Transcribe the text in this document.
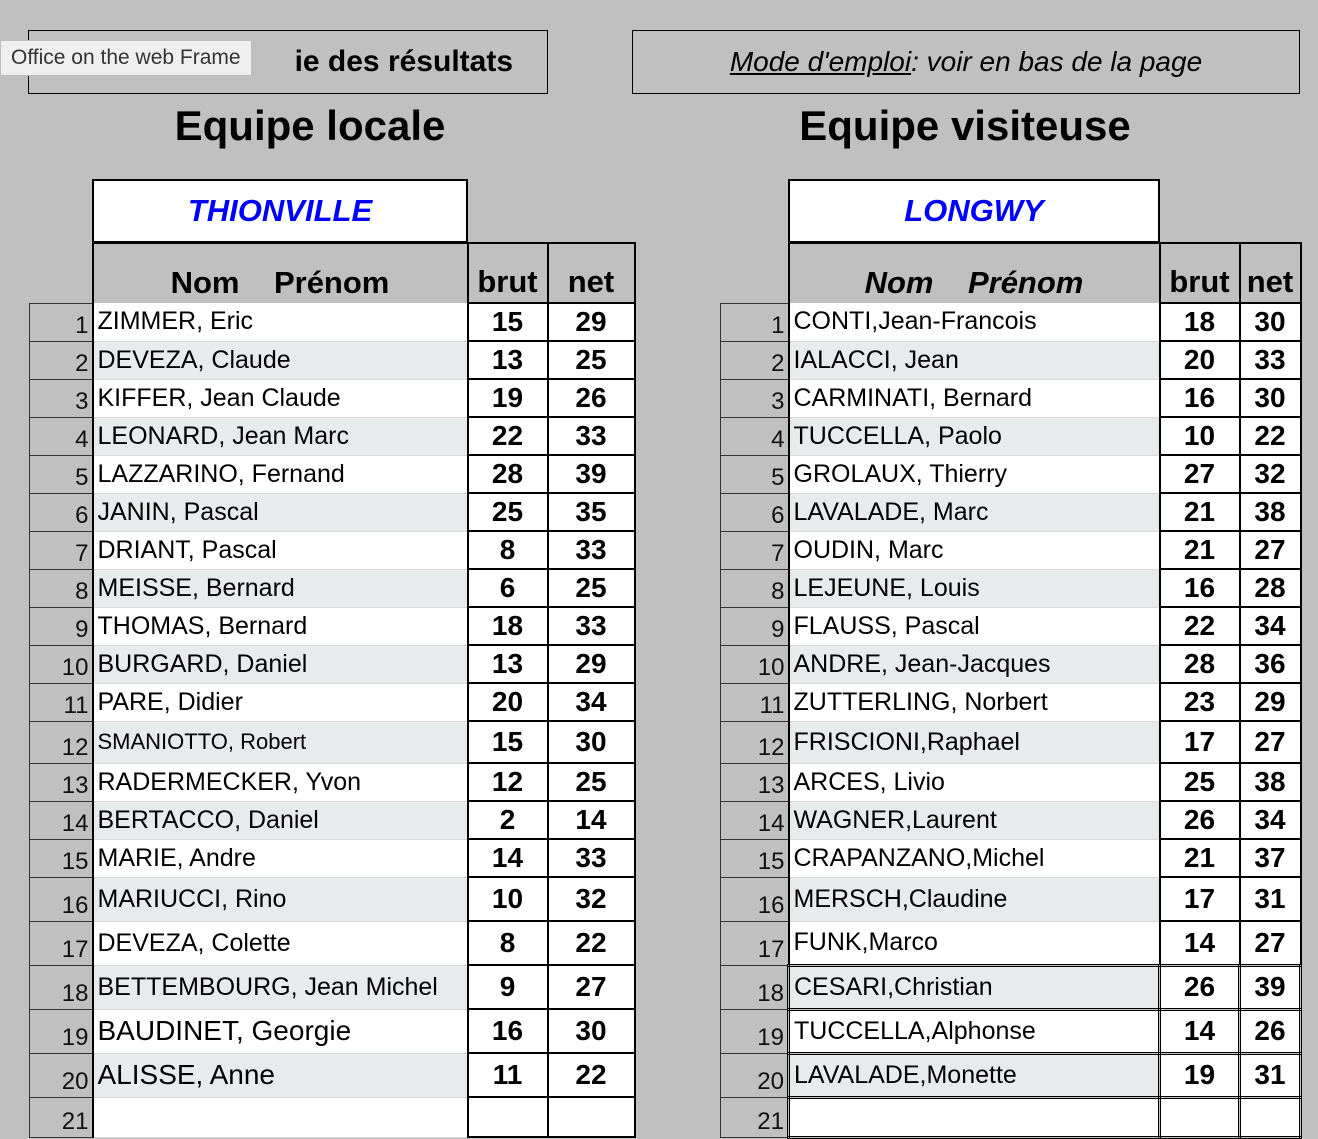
ie des résultats
Office on the web Frame	Mode d'emploi : voir en bas de la page
Equipe locale	Equipe visiteuse
THIONVILLE	LONGWY
	Nom    Prénom	brut	net
1	ZIMMER, Eric	15	29
2	DEVEZA, Claude	13	25
3	KIFFER, Jean Claude	19	26
4	LEONARD, Jean Marc	22	33
5	LAZZARINO, Fernand	28	39
6	JANIN, Pascal	25	35
7	DRIANT, Pascal	8	33
8	MEISSE, Bernard	6	25
9	THOMAS, Bernard	18	33
10	BURGARD, Daniel	13	29
11	PARE, Didier	20	34
12	SMANIOTTO, Robert	15	30
13	RADERMECKER, Yvon	12	25
14	BERTACCO, Daniel	2	14
15	MARIE, Andre	14	33
16	MARIUCCI, Rino	10	32
17	DEVEZA, Colette	8	22
18	BETTEMBOURG, Jean Michel	9	27
19	BAUDINET, Georgie	16	30
20	ALISSE, Anne	11	22
21			
	Nom    Prénom	brut	net
1	CONTI,Jean-Francois	18	30
2	IALACCI, Jean	20	33
3	CARMINATI, Bernard	16	30
4	TUCCELLA, Paolo	10	22
5	GROLAUX, Thierry	27	32
6	LAVALADE, Marc	21	38
7	OUDIN, Marc	21	27
8	LEJEUNE, Louis	16	28
9	FLAUSS, Pascal	22	34
10	ANDRE, Jean-Jacques	28	36
11	ZUTTERLING, Norbert	23	29
12	FRISCIONI,Raphael	17	27
13	ARCES, Livio	25	38
14	WAGNER,Laurent	26	34
15	CRAPANZANO,Michel	21	37
16	MERSCH,Claudine	17	31
17	FUNK,Marco	14	27
18	CESARI,Christian	26	39
19	TUCCELLA,Alphonse	14	26
20	LAVALADE,Monette	19	31
21			
